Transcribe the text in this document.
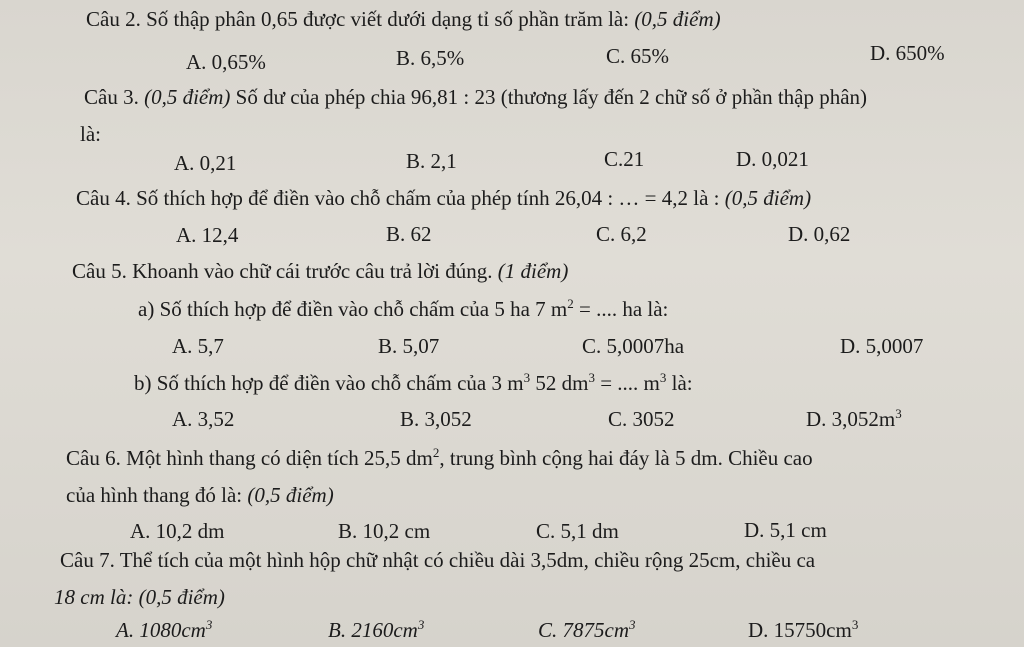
Câu 2. Số thập phân 0,65 được viết dưới dạng tỉ số phần trăm là: (0,5 điểm)
A. 0,65%	B. 6,5%	C. 65%	D. 650%
Câu 3. (0,5 điểm) Số dư của phép chia 96,81 : 23 (thương lấy đến 2 chữ số ở phần thập phân)
là:
A. 0,21	B. 2,1	C.21	D. 0,021
Câu 4. Số thích hợp để điền vào chỗ chấm của phép tính 26,04 : … = 4,2 là : (0,5 điểm)
A. 12,4	B. 62	C. 6,2	D. 0,62
Câu 5. Khoanh vào chữ cái trước câu trả lời đúng. (1 điểm)
a) Số thích hợp để điền vào chỗ chấm của 5 ha 7 $m^2$ = .... ha là:
A. 5,7	B. 5,07	C. 5,0007ha	D. 5,0007
b) Số thích hợp để điền vào chỗ chấm của 3 $m^3$ 52 $dm^3$ = .... $m^3$ là:
A. 3,52	B. 3,052	C. 3052	D. $3,052m^3$
Câu 6. Một hình thang có diện tích 25,5 $dm^2$, trung bình cộng hai đáy là 5 dm. Chiều cao
của hình thang đó là: (0,5 điểm)
A. 10,2 dm	B. 10,2 cm	C. 5,1 dm	D. 5,1 cm
Câu 7. Thể tích của một hình hộp chữ nhật có chiều dài 3,5dm, chiều rộng 25cm, chiều ca
18 cm là: (0,5 điểm)
A. $1080cm^3$	B. $2160cm^3$	C. $7875cm^3$	D. $15750cm^3$
